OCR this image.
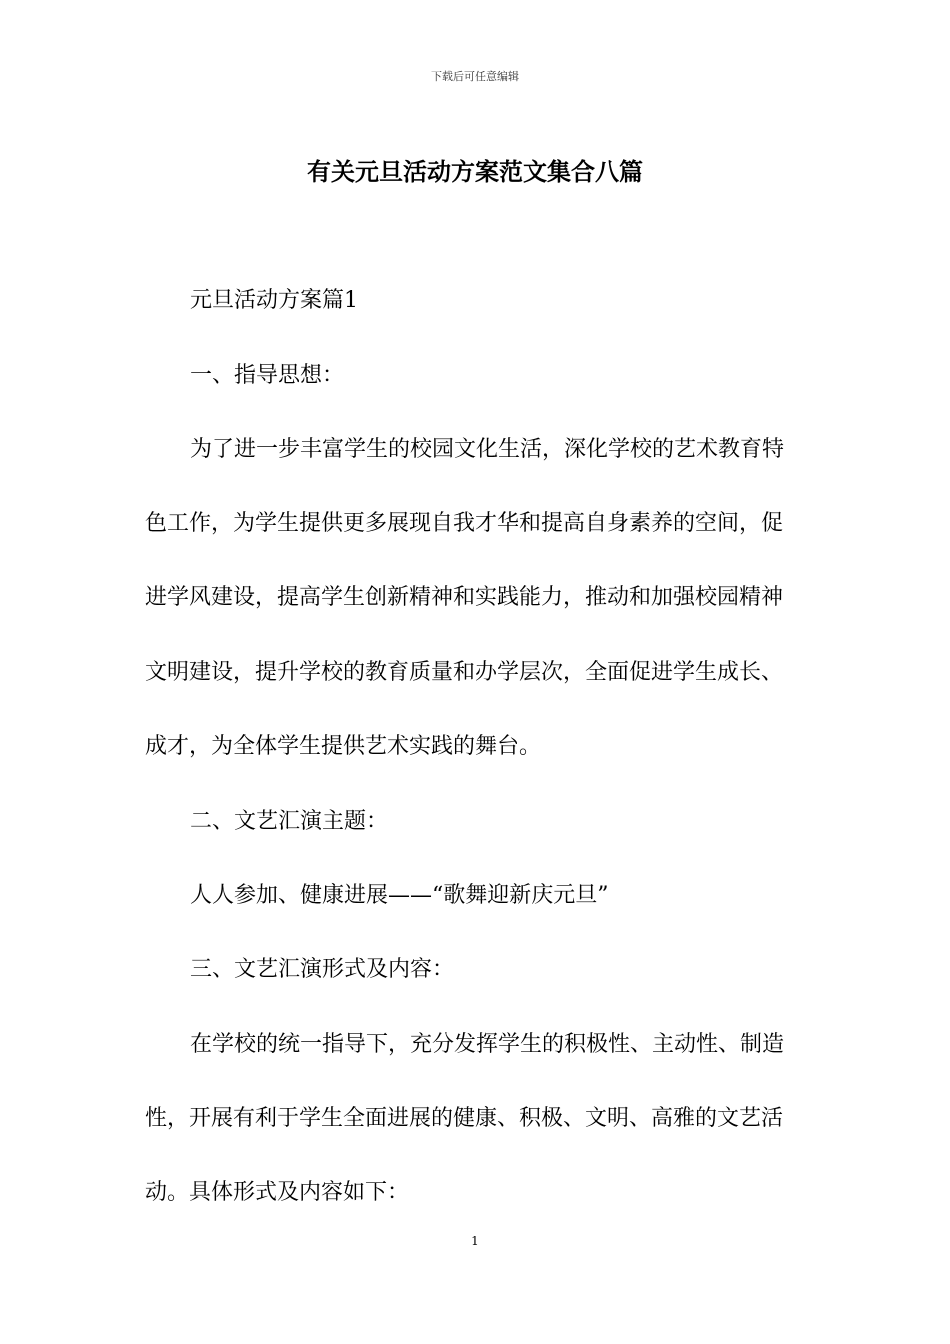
下载后可任意编辑
有关元旦活动方案范文集合八篇
元旦活动方案篇1
一、指导思想：
为了进一步丰富学生的校园文化生活，深化学校的艺术教育特
色工作，为学生提供更多展现自我才华和提高自身素养的空间，促
进学风建设，提高学生创新精神和实践能力，推动和加强校园精神
文明建设，提升学校的教育质量和办学层次，全面促进学生成长、
成才，为全体学生提供艺术实践的舞台。
二、文艺汇演主题：
人人参加、健康进展——“歌舞迎新庆元旦”
三、文艺汇演形式及内容：
在学校的统一指导下，充分发挥学生的积极性、主动性、制造
性，开展有利于学生全面进展的健康、积极、文明、高雅的文艺活
动。具体形式及内容如下：
1
